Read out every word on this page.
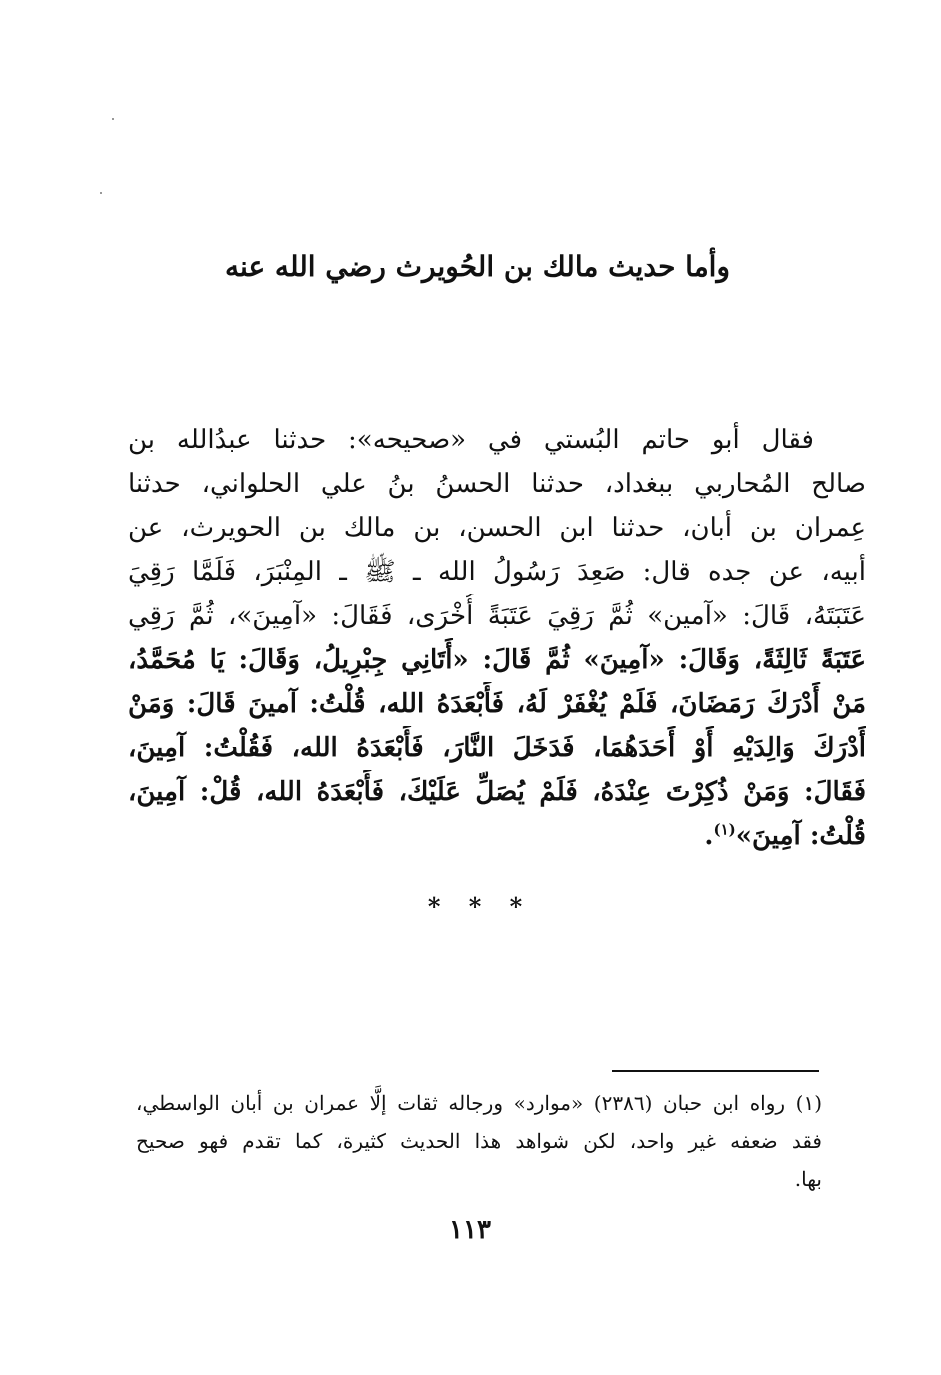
وأما حديث مالك بن الحُويرث رضي الله عنه
فقال أبو حاتم البُستي في «صحيحه»: حدثنا عبدُالله بن
صالح المُحاربي ببغداد، حدثنا الحسنُ بنُ علي الحلواني، حدثنا
عِمران بن أبان، حدثنا ابن الحسن، بن مالك بن الحويرث، عن
أبيه، عن جده قال: صَعِدَ رَسُولُ الله ـ ﷺ ـ المِنْبَرَ، فَلَمَّا رَقِيَ
عَتَبَتَهُ، قَالَ: «آمين» ثُمَّ رَقِيَ عَتَبَةً أُخْرَى، فَقَالَ: «آمِينَ»، ثُمَّ رَقِي
عَتَبَةً ثَالِثَةً، وَقَالَ: «آمِينَ» ثُمَّ قَالَ: «أَتَانِي جِبْرِيلُ، وَقَالَ: يَا مُحَمَّدُ،
مَنْ أَدْرَكَ رَمَضَانَ، فَلَمْ يُغْفَرْ لَهُ، فَأَبْعَدَهُ الله، قُلْتُ: آمينَ قَالَ: وَمَنْ
أَدْرَكَ وَالِدَيْهِ أَوْ أَحَدَهُمَا، فَدَخَلَ النَّارَ، فَأَبْعَدَهُ الله، فَقُلْتُ: آمِينَ،
فَقَالَ: وَمَنْ ذُكِرْتَ عِنْدَهُ، فَلَمْ يُصَلِّ عَلَيْكَ، فَأَبْعَدَهُ الله، قُلْ: آمِينَ،
قُلْتُ: آمِينَ»$^{(١)}$.
* * *
(١) رواه ابن حبان (٢٣٨٦) «موارد» ورجاله ثقات إلَّا عمران بن أبان الواسطي،
فقد ضعفه غير واحد، لكن شواهد هذا الحديث كثيرة، كما تقدم فهو صحيح
بها.
١١٣
